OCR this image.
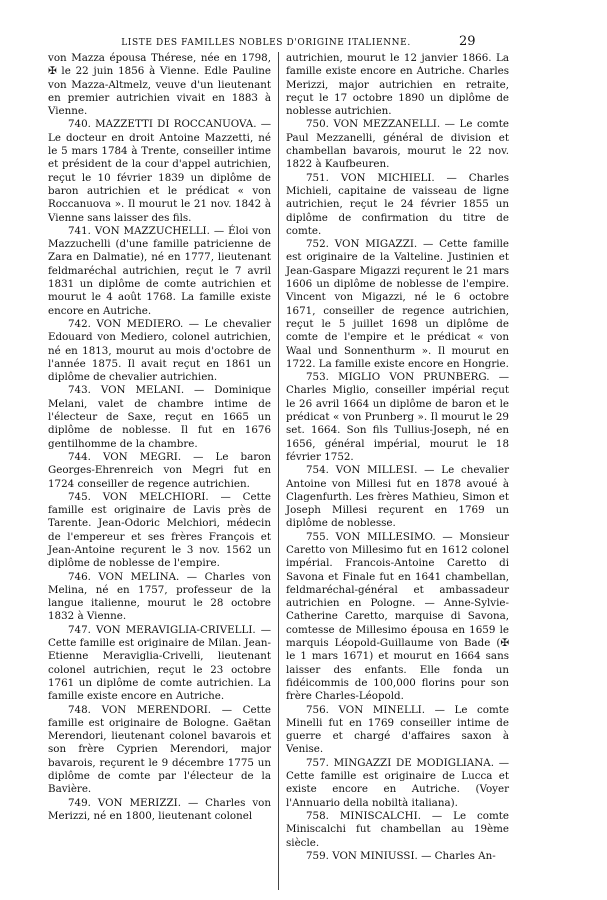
LISTE DES FAMILLES NOBLES D'ORIGINE ITALIENNE.	29

von Mazza épousa Thérese, née en 1798, ✠ le 22 juin 1856 à Vienne. Edle Pauline von Mazza-Altmelz, veuve d'un lieutenant en premier autrichien vivait en 1883 à Vienne.

740. MAZZETTI DI ROCCANUOVA. — Le docteur en droit Antoine Mazzetti, né le 5 mars 1784 à Trente, conseiller intime et président de la cour d'appel autrichien, reçut le 10 février 1839 un diplôme de baron autrichien et le prédicat « von Roccanuova ». Il mourut le 21 nov. 1842 à Vienne sans laisser des fils.

741. VON MAZZUCHELLI. — Éloi von Mazzuchelli (d'une famille patricienne de Zara en Dalmatie), né en 1777, lieutenant feldmaréchal autrichien, reçut le 7 avril 1831 un diplôme de comte autrichien et mourut le 4 août 1768. La famille existe encore en Autriche.

742. VON MEDIERO. — Le chevalier Edouard von Mediero, colonel autrichien, né en 1813, mourut au mois d'octobre de l'année 1875. Il avait reçut en 1861 un diplôme de chevalier autrichien.

743. VON MELANI. — Dominique Melani, valet de chambre intime de l'électeur de Saxe, reçut en 1665 un diplôme de noblesse. Il fut en 1676 gentilhomme de la chambre.

744. VON MEGRI. — Le baron Georges-Ehrenreich von Megri fut en 1724 conseiller de regence autrichien.

745. VON MELCHIORI. — Cette famille est originaire de Lavis près de Tarente. Jean-Odoric Melchiori, médecin de l'empereur et ses frères François et Jean-Antoine reçurent le 3 nov. 1562 un diplôme de noblesse de l'empire.

746. VON MELINA. — Charles von Melina, né en 1757, professeur de la langue italienne, mourut le 28 octobre 1832 à Vienne.

747. VON MERAVIGLIA-CRIVELLI. — Cette famille est originaire de Milan. Jean-Etienne Meraviglia-Crivelli, lieutenant colonel autrichien, reçut le 23 octobre 1761 un diplôme de comte autrichien. La famille existe encore en Autriche.

748. VON MERENDORI. — Cette famille est originaire de Bologne. Gaëtan Merendori, lieutenant colonel bavarois et son frère Cyprien Merendori, major bavarois, reçurent le 9 décembre 1775 un diplôme de comte par l'électeur de la Bavière.

749. VON MERIZZI. — Charles von Merizzi, né en 1800, lieutenant colonel

autrichien, mourut le 12 janvier 1866. La famille existe encore en Autriche. Charles Merizzi, major autrichien en retraite, reçut le 17 octobre 1890 un diplôme de noblesse autrichien.

750. VON MEZZANELLI. — Le comte Paul Mezzanelli, général de division et chambellan bavarois, mourut le 22 nov. 1822 à Kaufbeuren.

751. VON MICHIELI. — Charles Michieli, capitaine de vaisseau de ligne autrichien, reçut le 24 février 1855 un diplôme de confirmation du titre de comte.

752. VON MIGAZZI. — Cette famille est originaire de la Valteline. Justinien et Jean-Gaspare Migazzi reçurent le 21 mars 1606 un diplôme de noblesse de l'empire. Vincent von Migazzi, né le 6 octobre 1671, conseiller de regence autrichien, reçut le 5 juillet 1698 un diplôme de comte de l'empire et le prédicat « von Waal und Sonnenthurm ». Il mourut en 1722. La famille existe encore en Hongrie.

753. MIGLIO VON PRUNBERG. — Charles Miglio, conseiller impérial reçut le 26 avril 1664 un diplôme de baron et le prédicat « von Prunberg ». Il mourut le 29 set. 1664. Son fils Tullius-Joseph, né en 1656, général impérial, mourut le 18 février 1752.

754. VON MILLESI. — Le chevalier Antoine von Millesi fut en 1878 avoué à Clagenfurth. Les frères Mathieu, Simon et Joseph Millesi reçurent en 1769 un diplôme de noblesse.

755. VON MILLESIMO. — Monsieur Caretto von Millesimo fut en 1612 colonel impérial. Francois-Antoine Caretto di Savona et Finale fut en 1641 chambellan, feldmaréchal-général et ambassadeur autrichien en Pologne. — Anne-Sylvie-Catherine Caretto, marquise di Savona, comtesse de Millesimo épousa en 1659 le marquis Léopold-Guillaume von Bade (✠ le 1 mars 1671) et mourut en 1664 sans laisser des enfants. Elle fonda un fidéicommis de 100,000 florins pour son frère Charles-Léopold.

756. VON MINELLI. — Le comte Minelli fut en 1769 conseiller intime de guerre et chargé d'affaires saxon à Venise.

757. MINGAZZI DE MODIGLIANA. — Cette famille est originaire de Lucca et existe encore en Autriche. (Voyer l'Annuario della nobiltà italiana).

758. MINISCALCHI. — Le comte Miniscalchi fut chambellan au 19ème siècle.

759. VON MINIUSSI. — Charles An-
